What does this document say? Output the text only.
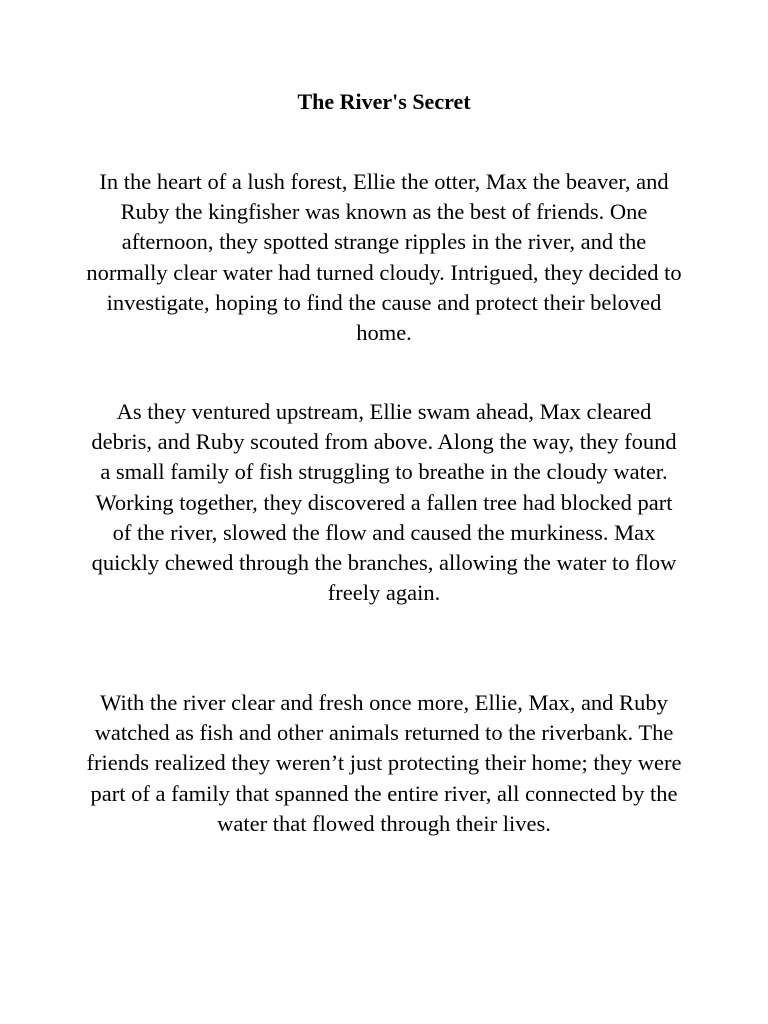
The River's Secret

In the heart of a lush forest, Ellie the otter, Max the beaver, and Ruby the kingfisher was known as the best of friends. One afternoon, they spotted strange ripples in the river, and the normally clear water had turned cloudy. Intrigued, they decided to investigate, hoping to find the cause and protect their beloved home.

As they ventured upstream, Ellie swam ahead, Max cleared debris, and Ruby scouted from above. Along the way, they found a small family of fish struggling to breathe in the cloudy water. Working together, they discovered a fallen tree had blocked part of the river, slowed the flow and caused the murkiness. Max quickly chewed through the branches, allowing the water to flow freely again.

With the river clear and fresh once more, Ellie, Max, and Ruby watched as fish and other animals returned to the riverbank. The friends realized they weren’t just protecting their home; they were part of a family that spanned the entire river, all connected by the water that flowed through their lives.
